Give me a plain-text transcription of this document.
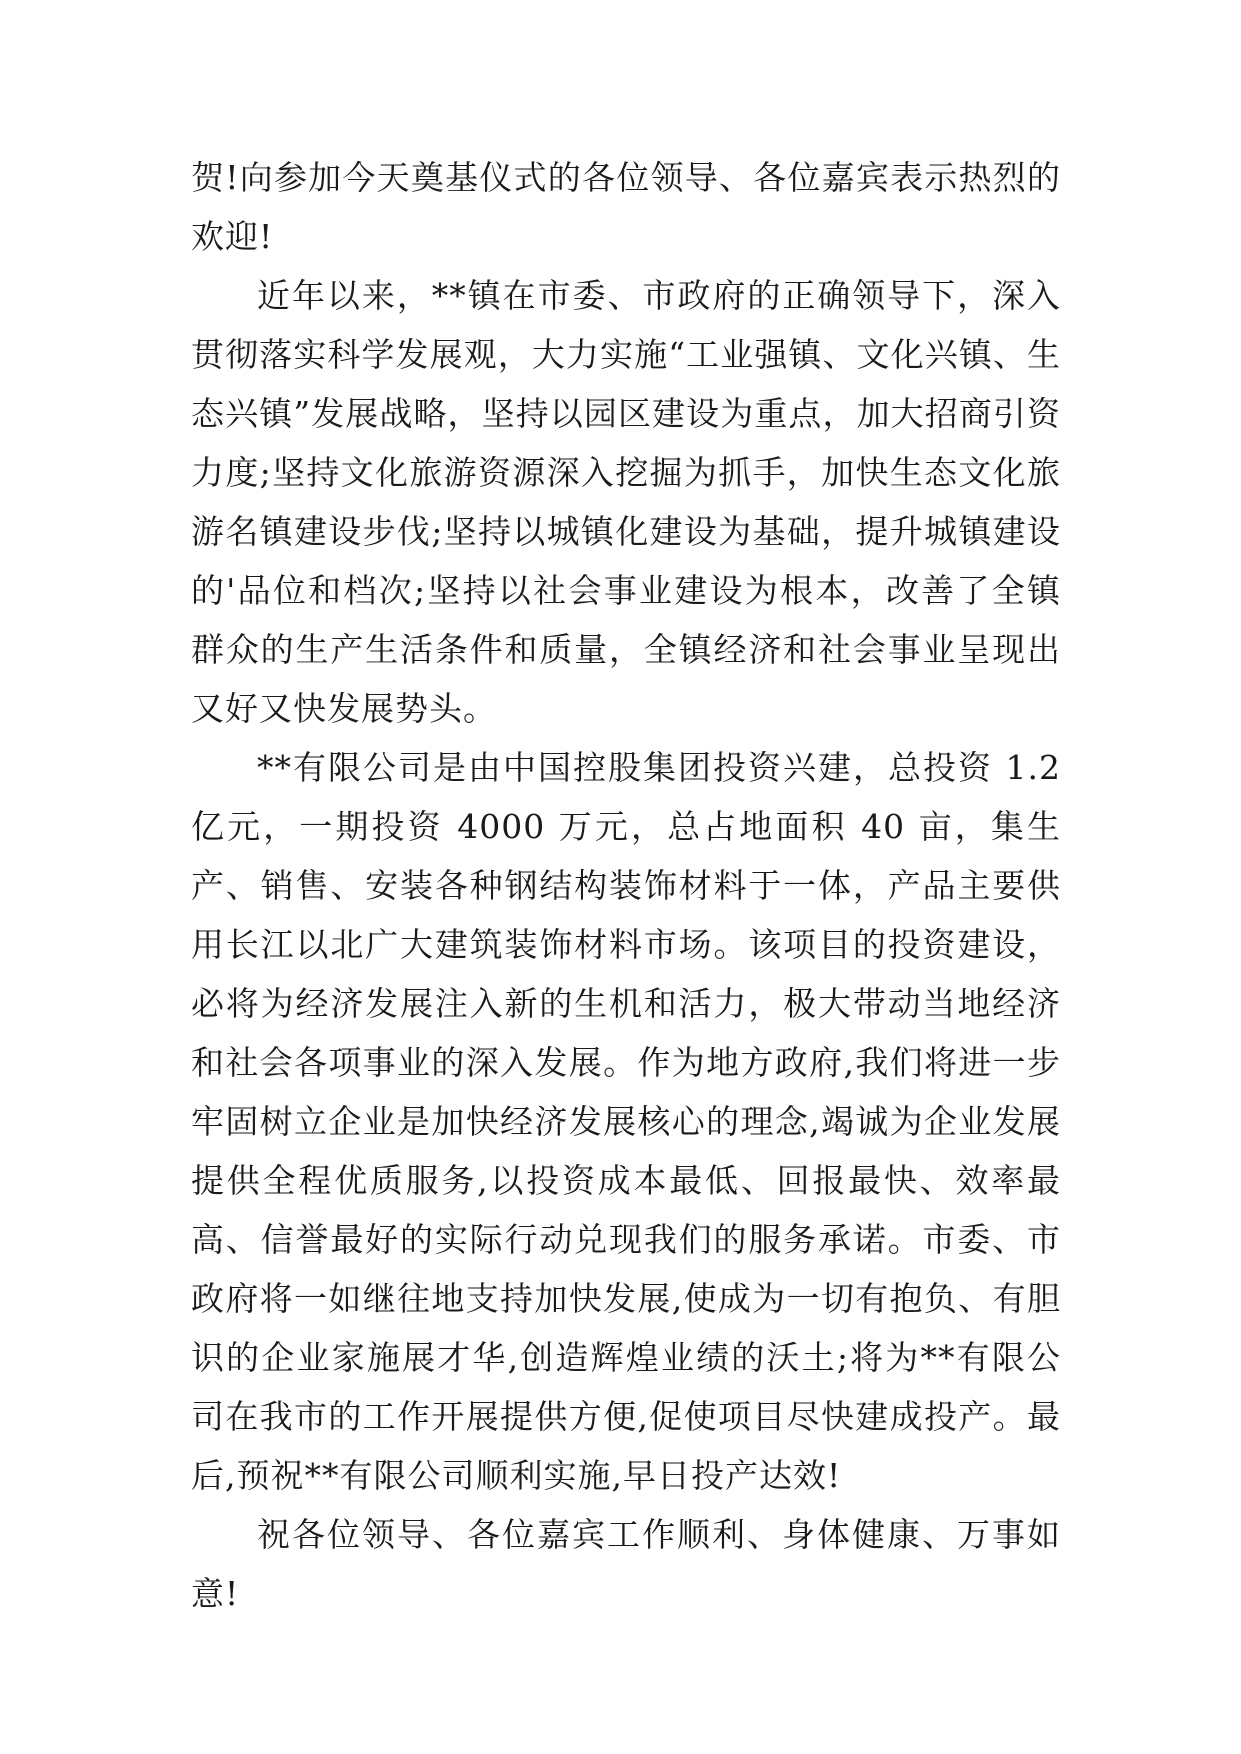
贺!向参加今天奠基仪式的各位领导、各位嘉宾表示热烈的欢迎!

近年以来，**镇在市委、市政府的正确领导下，深入贯彻落实科学发展观，大力实施“工业强镇、文化兴镇、生态兴镇”发展战略，坚持以园区建设为重点，加大招商引资力度;坚持文化旅游资源深入挖掘为抓手，加快生态文化旅游名镇建设步伐;坚持以城镇化建设为基础，提升城镇建设的'品位和档次;坚持以社会事业建设为根本，改善了全镇群众的生产生活条件和质量，全镇经济和社会事业呈现出又好又快发展势头。

**有限公司是由中国控股集团投资兴建，总投资 1.2 亿元，一期投资 4000 万元，总占地面积 40 亩，集生产、销售、安装各种钢结构装饰材料于一体，产品主要供用长江以北广大建筑装饰材料市场。该项目的投资建设，必将为经济发展注入新的生机和活力，极大带动当地经济和社会各项事业的深入发展。作为地方政府,我们将进一步牢固树立企业是加快经济发展核心的理念,竭诚为企业发展提供全程优质服务,以投资成本最低、回报最快、效率最高、信誉最好的实际行动兑现我们的服务承诺。市委、市政府将一如继往地支持加快发展,使成为一切有抱负、有胆识的企业家施展才华,创造辉煌业绩的沃土;将为**有限公司在我市的工作开展提供方便,促使项目尽快建成投产。最后,预祝**有限公司顺利实施,早日投产达效!

祝各位领导、各位嘉宾工作顺利、身体健康、万事如意!
